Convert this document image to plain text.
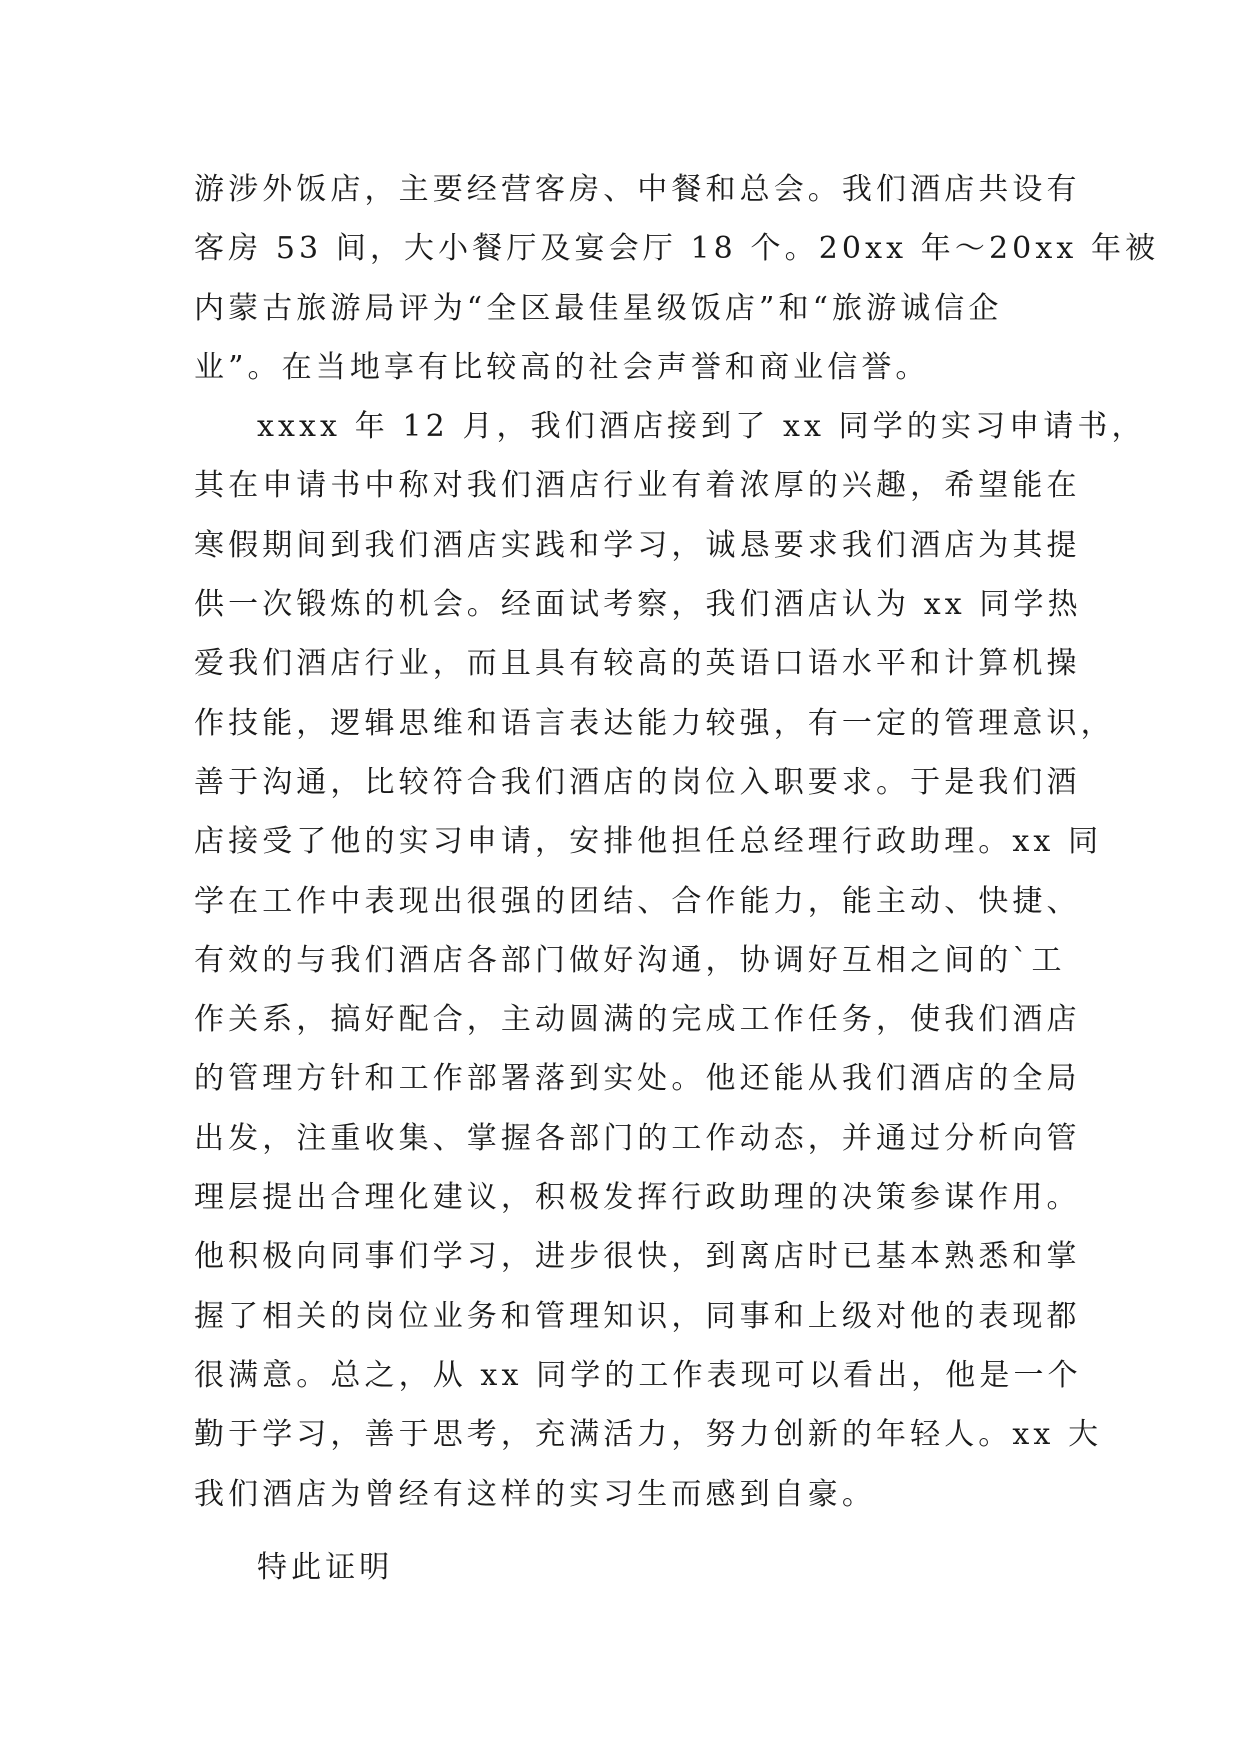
游涉外饭店，主要经营客房、中餐和总会。我们酒店共设有
客房 53 间，大小餐厅及宴会厅 18 个。20xx 年～20xx 年被
内蒙古旅游局评为“全区最佳星级饭店”和“旅游诚信企
业”。在当地享有比较高的社会声誉和商业信誉。
xxxx 年 12 月，我们酒店接到了 xx 同学的实习申请书，
其在申请书中称对我们酒店行业有着浓厚的兴趣，希望能在
寒假期间到我们酒店实践和学习，诚恳要求我们酒店为其提
供一次锻炼的机会。经面试考察，我们酒店认为 xx 同学热
爱我们酒店行业，而且具有较高的英语口语水平和计算机操
作技能，逻辑思维和语言表达能力较强，有一定的管理意识，
善于沟通，比较符合我们酒店的岗位入职要求。于是我们酒
店接受了他的实习申请，安排他担任总经理行政助理。xx 同
学在工作中表现出很强的团结、合作能力，能主动、快捷、
有效的与我们酒店各部门做好沟通，协调好互相之间的`工
作关系，搞好配合，主动圆满的完成工作任务，使我们酒店
的管理方针和工作部署落到实处。他还能从我们酒店的全局
出发，注重收集、掌握各部门的工作动态，并通过分析向管
理层提出合理化建议，积极发挥行政助理的决策参谋作用。
他积极向同事们学习，进步很快，到离店时已基本熟悉和掌
握了相关的岗位业务和管理知识，同事和上级对他的表现都
很满意。总之，从 xx 同学的工作表现可以看出，他是一个
勤于学习，善于思考，充满活力，努力创新的年轻人。xx 大
我们酒店为曾经有这样的实习生而感到自豪。
特此证明
